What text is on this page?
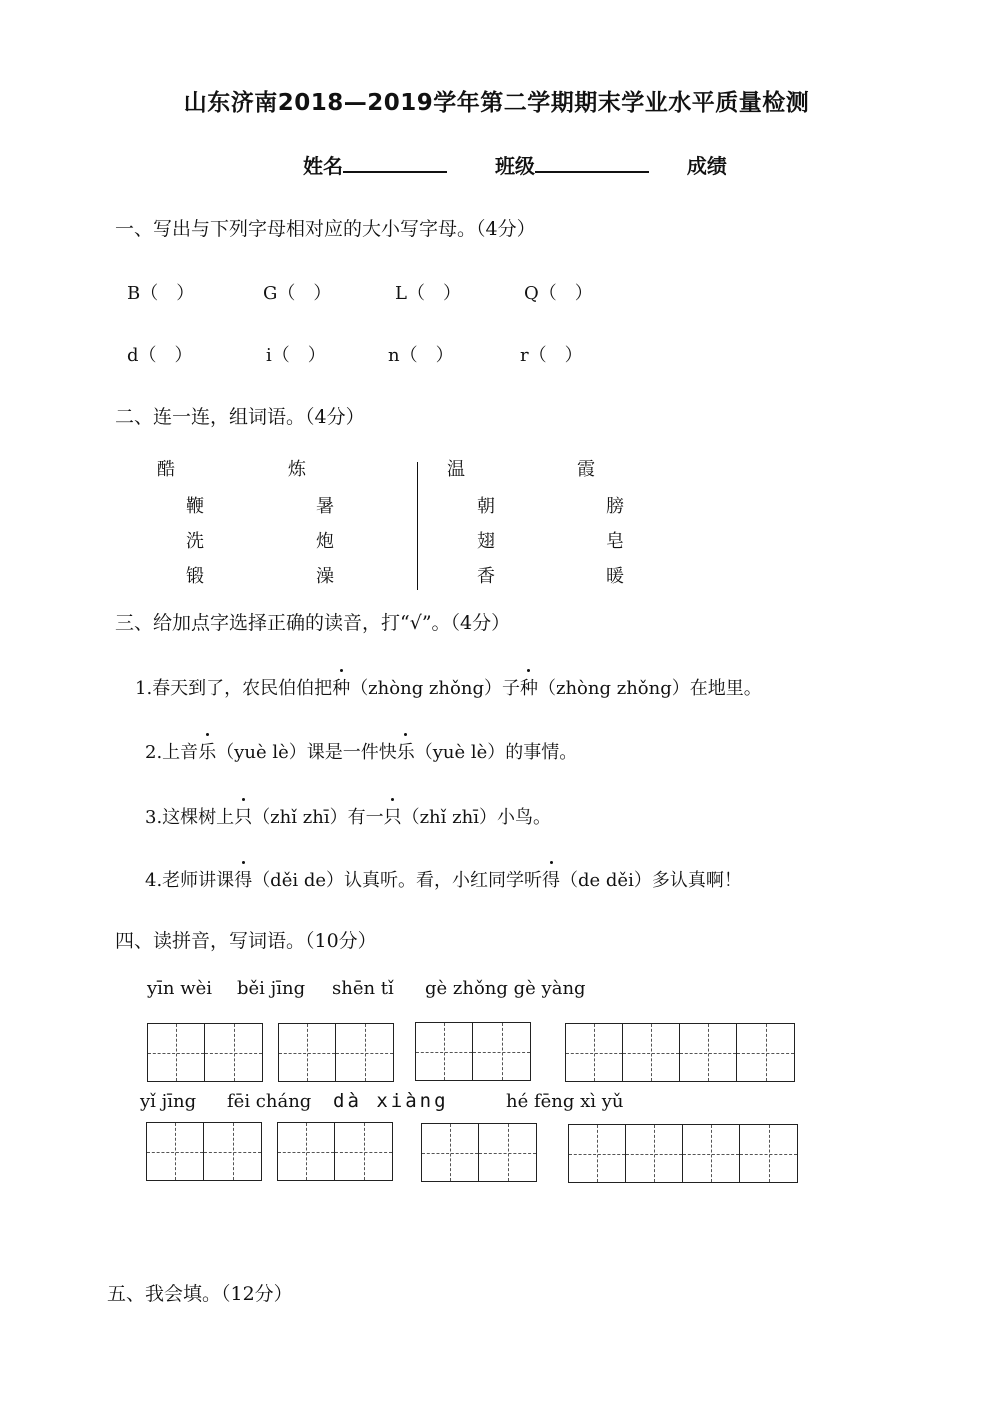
山东济南2018—2019学年第二学期期末学业水平质量检测
姓名	班级	成绩
一、写出与下列字母相对应的大小写字母。（4分）
B（　）	G（　）	L（　）	Q（　）
d（　）	i（　）	n（　）	r（　）
二、连一连，组词语。（4分）
酷	炼
鞭	暑
洗	炮
锻	澡
温	霞
朝	膀
翅	皂
香	暖
三、给加点字选择正确的读音，打“√”。（4分）
1.春天到了，农民伯伯把种（zhòng zhǒng）子种（zhòng zhǒng）在地里。
2.上音乐（yuè lè）课是一件快乐（yuè lè）的事情。
3.这棵树上只（zhǐ zhī）有一只（zhǐ zhī）小鸟。
4.老师讲课得（děi de）认真听。看，小红同学听得（de děi）多认真啊！
四、读拼音，写词语。（10分）
yīn wèi běi jīng shēn tǐ gè zhǒng gè yàng
yǐ jīng fēi cháng dà xiàng	hé fēng xì yǔ
五、我会填。（12分）
